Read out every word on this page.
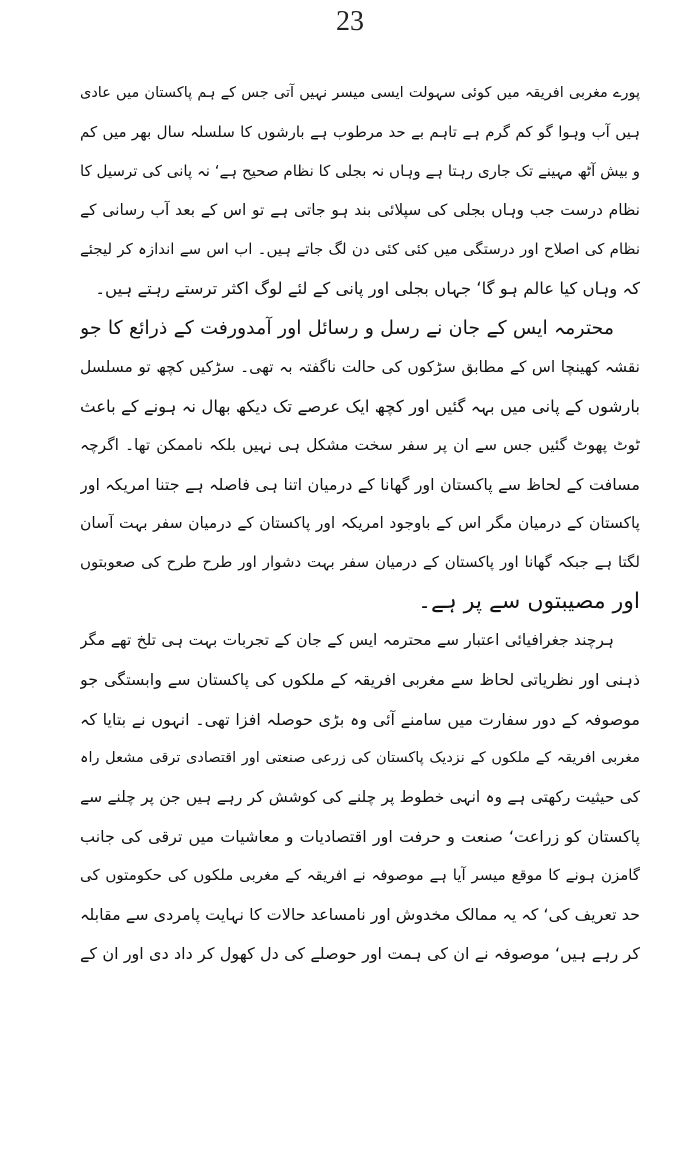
23
پورے مغربی افریقہ میں کوئی سہولت ایسی میسر نہیں آتی جس کے ہم پاکستان میں عادی
ہیں آب وہوا گو کم گرم ہے تاہم بے حد مرطوب ہے بارشوں کا سلسلہ سال بھر میں کم
و بیش آٹھ مہینے تک جاری رہتا ہے وہاں نہ بجلی کا نظام صحیح ہے‘ نہ پانی کی ترسیل کا
نظام درست جب وہاں بجلی کی سپلائی بند ہو جاتی ہے تو اس کے بعد آب رسانی کے
نظام کی اصلاح اور درستگی میں کئی کئی دن لگ جاتے ہیں۔ اب اس سے اندازہ کر لیجئے
کہ وہاں کیا عالم ہو گا‘ جہاں بجلی اور پانی کے لئے لوگ اکثر ترستے رہتے ہیں۔
محترمہ ایس کے جان نے رسل و رسائل اور آمدورفت کے ذرائع کا جو
نقشہ کھینچا اس کے مطابق سڑکوں کی حالت ناگفتہ بہ تھی۔ سڑکیں کچھ تو مسلسل
بارشوں کے پانی میں بہہ گئیں اور کچھ ایک عرصے تک دیکھ بھال نہ ہونے کے باعث
ٹوٹ پھوٹ گئیں جس سے ان پر سفر سخت مشکل ہی نہیں بلکہ ناممکن تھا۔ اگرچہ
مسافت کے لحاظ سے پاکستان اور گھانا کے درمیان اتنا ہی فاصلہ ہے جتنا امریکہ اور
پاکستان کے درمیان مگر اس کے باوجود امریکہ اور پاکستان کے درمیان سفر بہت آسان
لگتا ہے جبکہ گھانا اور پاکستان کے درمیان سفر بہت دشوار اور طرح طرح کی صعوبتوں
اور مصیبتوں سے پر ہے۔
ہرچند جغرافیائی اعتبار سے محترمہ ایس کے جان کے تجربات بہت ہی تلخ تھے مگر
ذہنی اور نظریاتی لحاظ سے مغربی افریقہ کے ملکوں کی پاکستان سے وابستگی جو
موصوفہ کے دور سفارت میں سامنے آئی وہ بڑی حوصلہ افزا تھی۔ انہوں نے بتایا کہ
مغربی افریقہ کے ملکوں کے نزدیک پاکستان کی زرعی صنعتی اور اقتصادی ترقی مشعل راہ
کی حیثیت رکھتی ہے وہ انہی خطوط پر چلنے کی کوشش کر رہے ہیں جن پر چلنے سے
پاکستان کو زراعت‘ صنعت و حرفت اور اقتصادیات و معاشیات میں ترقی کی جانب
گامزن ہونے کا موقع میسر آیا ہے موصوفہ نے افریقہ کے مغربی ملکوں کی حکومتوں کی
حد تعریف کی‘ کہ یہ ممالک مخدوش اور نامساعد حالات کا نہایت پامردی سے مقابلہ
کر رہے ہیں‘ موصوفہ نے ان کی ہمت اور حوصلے کی دل کھول کر داد دی اور ان کے
